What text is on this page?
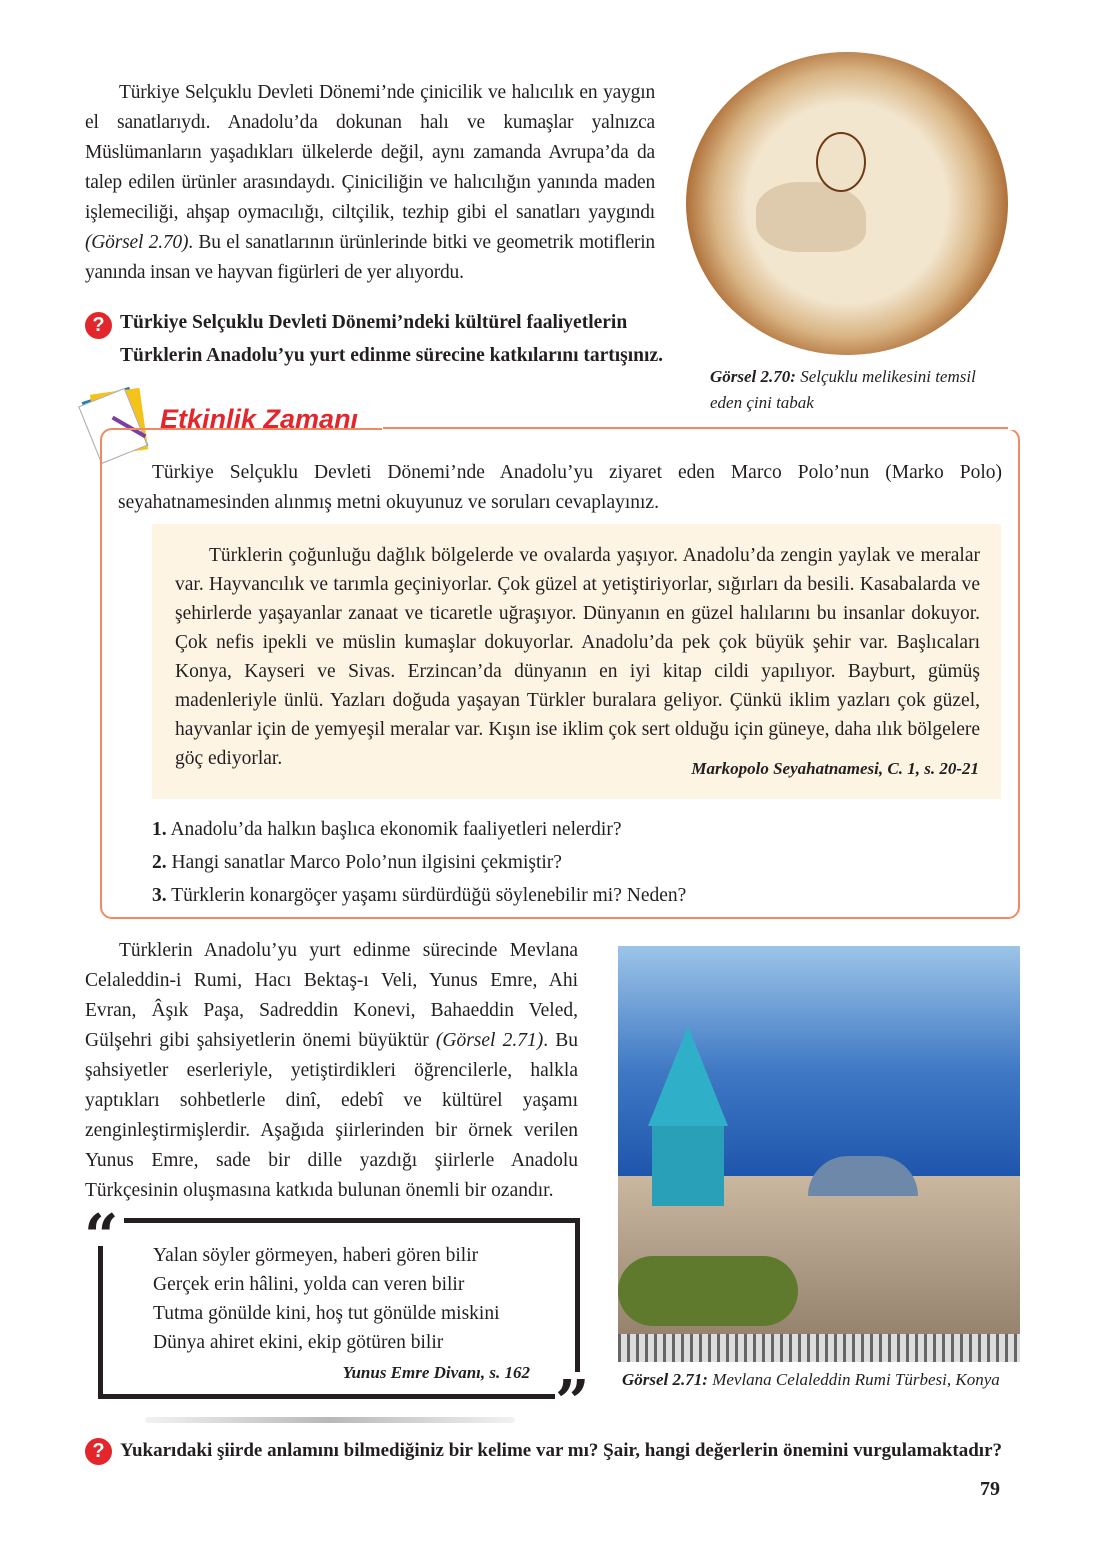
Türkiye Selçuklu Devleti Dönemi’nde çinicilik ve halıcılık en yaygın el sanatlarıydı. Anadolu’da dokunan halı ve kumaşlar yalnızca Müslümanların yaşadıkları ülkelerde değil, aynı zamanda Avrupa’da da talep edilen ürünler arasındaydı. Çiniciliğin ve halıcılığın yanında maden işlemeciliği, ahşap oymacılığı, ciltçilik, tezhip gibi el sanatları yaygındı (Görsel 2.70). Bu el sanatlarının ürünlerinde bitki ve geometrik motiflerin yanında insan ve hayvan figürleri de yer alıyordu.

? Türkiye Selçuklu Devleti Dönemi’ndeki kültürel faaliyetlerin Türklerin Anadolu’yu yurt edinme sürecine katkılarını tartışınız.

Görsel 2.70: Selçuklu melikesini temsil eden çini tabak

Etkinlik Zamanı

Türkiye Selçuklu Devleti Dönemi’nde Anadolu’yu ziyaret eden Marco Polo’nun (Marko Polo) seyahatnamesinden alınmış metni okuyunuz ve soruları cevaplayınız.

Türklerin çoğunluğu dağlık bölgelerde ve ovalarda yaşıyor. Anadolu’da zengin yaylak ve meralar var. Hayvancılık ve tarımla geçiniyorlar. Çok güzel at yetiştiriyorlar, sığırları da besili. Kasabalarda ve şehirlerde yaşayanlar zanaat ve ticaretle uğraşıyor. Dünyanın en güzel halılarını bu insanlar dokuyor. Çok nefis ipekli ve müslin kumaşlar dokuyorlar. Anadolu’da pek çok büyük şehir var. Başlıcaları Konya, Kayseri ve Sivas. Erzincan’da dünyanın en iyi kitap cildi yapılıyor. Bayburt, gümüş madenleriyle ünlü. Yazları doğuda yaşayan Türkler buralara geliyor. Çünkü iklim yazları çok güzel, hayvanlar için de yemyeşil meralar var. Kışın ise iklim çok sert olduğu için güneye, daha ılık bölgelere göç ediyorlar.	Markopolo Seyahatnamesi, C. 1, s. 20-21

1. Anadolu’da halkın başlıca ekonomik faaliyetleri nelerdir?
2. Hangi sanatlar Marco Polo’nun ilgisini çekmiştir?
3. Türklerin konargöçer yaşamı sürdürdüğü söylenebilir mi? Neden?

Türklerin Anadolu’yu yurt edinme sürecinde Mevlana Celaleddin-i Rumi, Hacı Bektaş-ı Veli, Yunus Emre, Ahi Evran, Âşık Paşa, Sadreddin Konevi, Bahaeddin Veled, Gülşehri gibi şahsiyetlerin önemi büyüktür (Görsel 2.71). Bu şahsiyetler eserleriyle, yetiştirdikleri öğrencilerle, halkla yaptıkları sohbetlerle dinî, edebî ve kültürel yaşamı zenginleştirmişlerdir. Aşağıda şiirlerinden bir örnek verilen Yunus Emre, sade bir dille yazdığı şiirlerle Anadolu Türkçesinin oluşmasına katkıda bulunan önemli bir ozandır.

Görsel 2.71: Mevlana Celaleddin Rumi Türbesi, Konya

Yalan söyler görmeyen, haberi gören bilir
Gerçek erin hâlini, yolda can veren bilir
Tutma gönülde kini, hoş tut gönülde miskini
Dünya ahiret ekini, ekip götüren bilir
Yunus Emre Divanı, s. 162
“
”
? Yukarıdaki şiirde anlamını bilmediğiniz bir kelime var mı? Şair, hangi değerlerin önemini vurgulamaktadır?

79
